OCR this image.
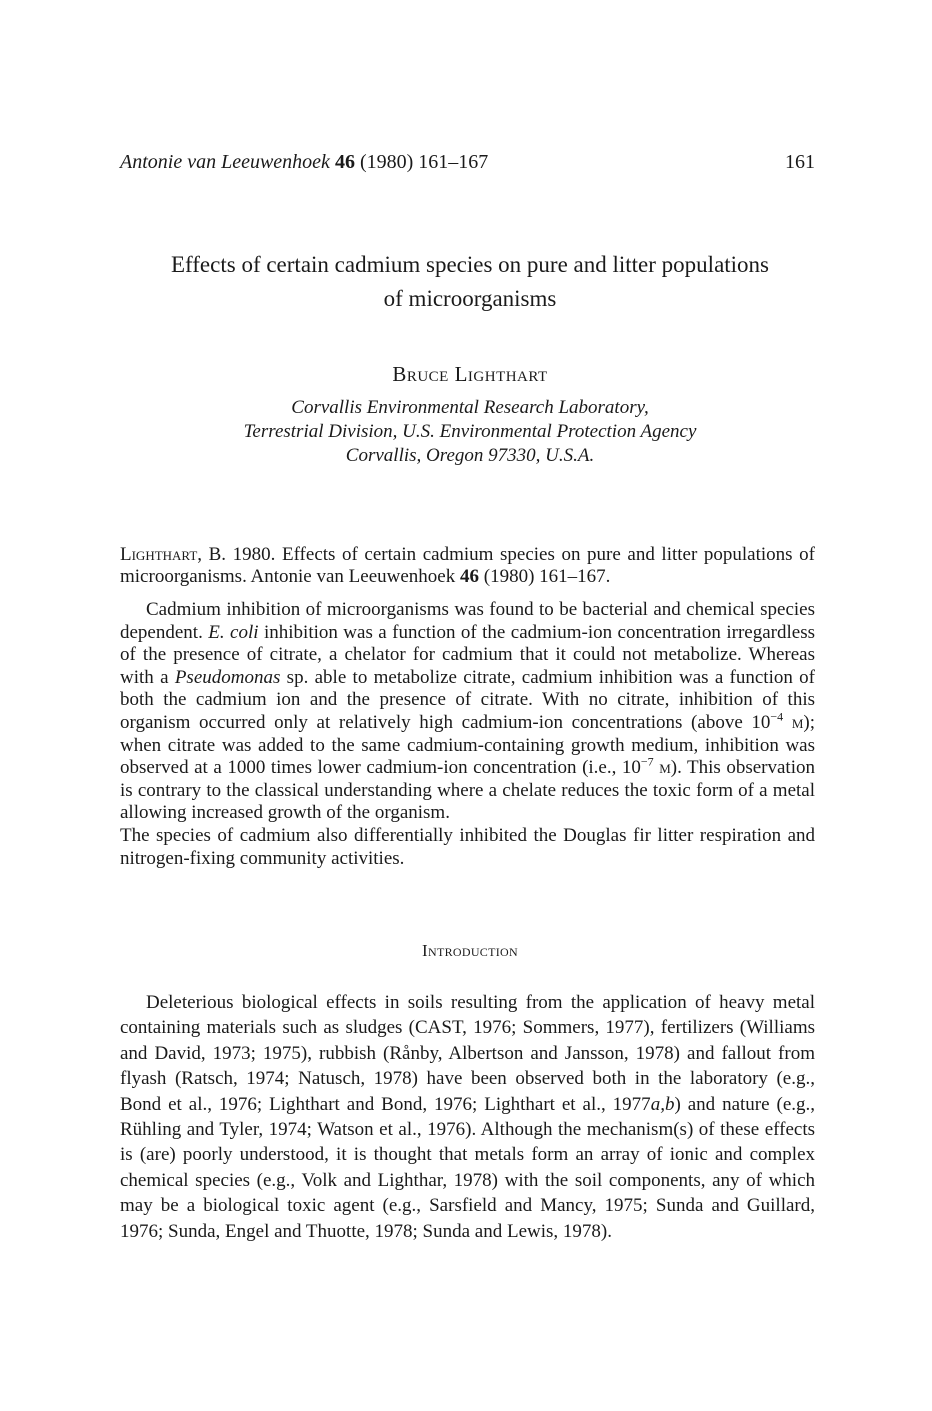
Antonie van Leeuwenhoek 46 (1980) 161–167	161
Effects of certain cadmium species on pure and litter populations
of microorganisms
Bruce Lighthart
Corvallis Environmental Research Laboratory,
Terrestrial Division, U.S. Environmental Protection Agency
Corvallis, Oregon 97330, U.S.A.
Lighthart, B. 1980. Effects of certain cadmium species on pure and litter populations of microorganisms. Antonie van Leeuwenhoek 46 (1980) 161–167.

Cadmium inhibition of microorganisms was found to be bacterial and chemical species dependent. E. coli inhibition was a function of the cadmium-ion concentration irregardless of the presence of citrate, a chelator for cadmium that it could not metabolize. Whereas with a Pseudomonas sp. able to metabolize citrate, cadmium inhibition was a function of both the cadmium ion and the presence of citrate. With no citrate, inhibition of this organism occurred only at relatively high cadmium-ion concentrations (above $10^{-4}$ m); when citrate was added to the same cadmium-containing growth medium, inhibition was observed at a 1000 times lower cadmium-ion concentration (i.e., $10^{-7}$ m). This observation is contrary to the classical understanding where a chelate reduces the toxic form of a metal allowing increased growth of the organism.

The species of cadmium also differentially inhibited the Douglas fir litter respiration and nitrogen-fixing community activities.

Introduction

Deleterious biological effects in soils resulting from the application of heavy metal containing materials such as sludges (CAST, 1976; Sommers, 1977), fertilizers (Williams and David, 1973; 1975), rubbish (Rånby, Albertson and Jansson, 1978) and fallout from flyash (Ratsch, 1974; Natusch, 1978) have been observed both in the laboratory (e.g., Bond et al., 1976; Lighthart and Bond, 1976; Lighthart et al., 1977a,b) and nature (e.g., Rühling and Tyler, 1974; Watson et al., 1976). Although the mechanism(s) of these effects is (are) poorly understood, it is thought that metals form an array of ionic and complex chemical species (e.g., Volk and Lighthar, 1978) with the soil components, any of which may be a biological toxic agent (e.g., Sarsfield and Mancy, 1975; Sunda and Guillard, 1976; Sunda, Engel and Thuotte, 1978; Sunda and Lewis, 1978).
